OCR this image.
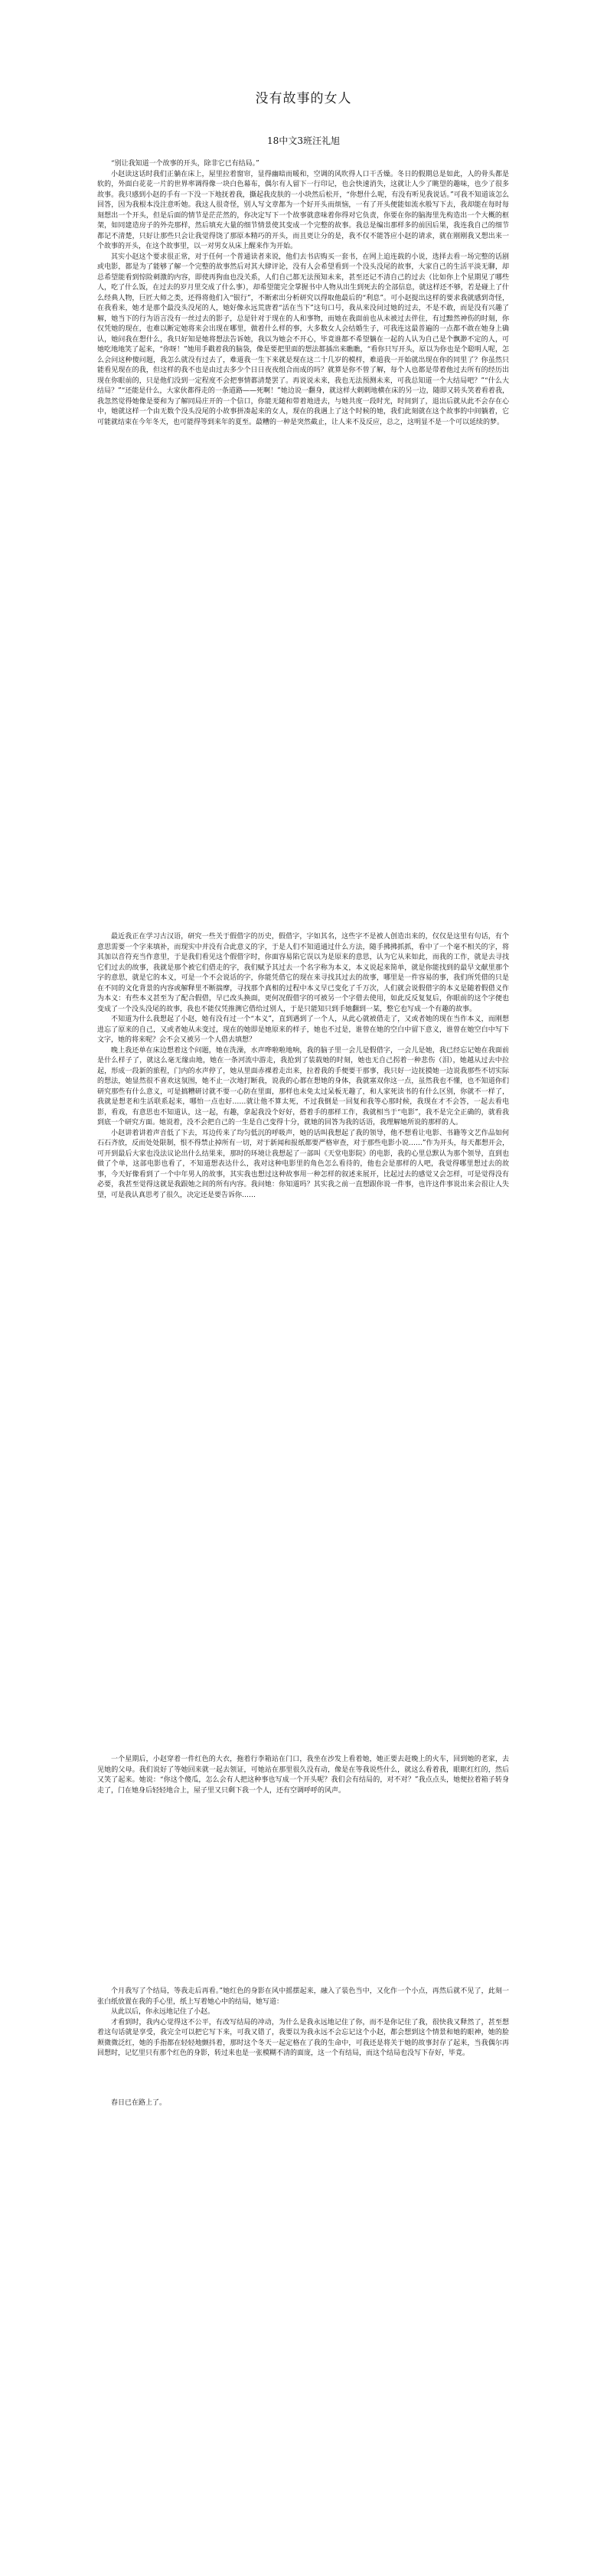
没有故事的女人
18中文3班汪礼旭

“别让我知道一个故事的开头，除非它已有结局。”

小赵读这话时我们正躺在床上，屋里拉着窗帘，显得幽暗而暖和，空调的风吹得人口干舌燥。冬日的假期总是如此，人的骨头都是软的，外面白花花一片的世界率调得像一块白色幕布，偶尔有人留下一行印记，也会快速消失，这就让人少了眺望的趣味，也少了很多故事。我只感到小赵的手有一下没一下地抚着我，撕起我皮肤的一小块然后松开，“你想什么呢，有没有听见我说话。”可我不知道该怎么回答，因为我根本没注意听她。我这人很奇怪，别人写文章都为一个好开头而烦恼，一有了开头便能如流水般写下去，我却能在每时每刻想出一个开头，但是后面的情节是茫茫然的，你决定写下一个故事就意味着你得对它负责，你要在你的脑海里先构造出一个大概的框架，如同建造房子的外壳那样，然后填充大量的细节情景使其变成一个完整的故事。我总是编出那样多的前因后果，我连我自己的细节都记不清楚，只好让那些只会让我觉得饶了那原本精巧的开头，而且更让分的是，我不仅不能答应小赵的请求，就在刚刚我又想出来一个故事的开头，在这个故事里，以一对男女从床上醒来作为开始。

其实小赵这个要求很正常，对于任何一个普通读者来说，他们去书店购买一套书，在网上追连载的小说，选择去看一场完整的话剧或电影，都是为了能够了解一个完整的故事然后对其大肆评论，没有人会希望看到一个没头没尾的故事，大家自己的生活平淡无聊，却总希望能看到惊险刺激的内容，即使再狗血也没关系，人们自己都无法预知未来，甚至还记不清自己的过去（比如你上个星期见了哪些人，吃了什么饭，在过去的岁月里交成了什么事），却希望能完全掌握书中人物从出生到死去的全部信息，就这样还不够，若是碰上了什么经典人物，巨匠大师之类，还得将他们入“银行”，不断索出分析研究以得取他最后的“利息”。可小赵提出这样的要求我就感到奇怪，在我看来，她才是那个最没头没尾的人，她好像永远荒唐着“活在当下”这句口号，我从来没问过她的过去，不是不敢，而是没有兴趣了解，她当下的行为语言没有一丝过去的影子，总是针对于现在的人和事物，而她在我面前也从未被过去伴住，有过黯然神伤的时刻，你仅凭她的现在，也难以断定她将来会出现在哪里，做着什么样的事，大多数女人会结婚生子，可我连这最普遍的一点都不敢在她身上确认，她问我在想什么，我只好知是她将想法告诉她，我以为她会不开心，毕竟谁都不希望躺在一起的人认为自己是个飘渺不定的人，可她吃地地笑了起来，“你呀！”她用手戳着我的脑袋，像是要把里面的想法都插出来瞧瞧，“看你只写开头，原以为你也是个聪明人呢，怎么会问这种傻问题，我怎么就没有过去了，难道我一生下来就是现在这二十几岁的模样，难道我一开始就出现在你的同里了？你虽然只能看见现在的我，但这样的我不也是由过去多少个日日夜夜组合而成的吗？就算是你不曾了解，每个人也都是带着他过去所有的经历出现在你眼前的，只是他们没到一定程度不会把事情都清楚罢了。再说说未来，我也无法预测未来，可我总知道一个大结局吧？”“什么大结局？”“还能是什么，大家伙都得走的一条道路——死啊！”她边说一翻身，就这样大剌剌地横在床的另一边，随即又转头笑着看着我，我忽然觉得她像是要和为了解同局庄开的一个信口，你能无随和带着地进去，与她共度一段时光，时间到了，退出后就从此不会存在心中，她就这样一个由无数个没头没尾的小故事拼凑起来的女人，现在的我遇上了这个时候的她，我们此刻就在这个故事的中间躺着，它可能就结束在今年冬天，也可能得等到来年的夏至。最糟的一种是突然截止，让人来不及反应，总之，这明显不是一个可以延续的梦。

最近我正在学习古汉语，研究一些关于假借字的历史，假借字，字如其名，这些字不是被人创造出来的，仅仅是这里有句话，有个意思需要一个字来填补，而现实中并没有合此意义的字，于是人们不知道通过什么方法，随手拂拂抓抓，看中了一个毫不相关的字，将其加以音符充当作意里，于是我们看见这个假借字时，你面容易陷它误以为是原来的意思，认为它从来如此，而我的工作，就是去寻找它们过去的故事，我就是那个被它们借走的字，我们赋予其过去一个名字称为本义，本义说起来简单，就是你能找到的最早文献里那个字的意思，就是它的本义，可是一个不会说话的字，你能凭借它的现在来寻找其过去的故事，哪里是一件容易的事，我们所凭借的只是在不同的文化背景的内容或解释里不断揣摩，寻找那个真相的过程中本义早已变化了千万次，人们就会说假借字的本义是随着假借义作为本义：有些本义甚至为了配合假借，早已改头换面，更何况假借字的可被另一个字借去使用，如此反反复复后，你眼前的这个字便也变成了一个没头没尾的故事，我也不能仅凭推测它借给过别人，于是只能知只到手她翻到一某，整它也写成一个有趣的故事。

不知道为什么我想起了小赵，她有没有过一个“本义”，直到遇到了一个人，从此心就被借走了，又或者她的现在当作本义，而刚想进忘了原来的自己，又或者她从未变过，现在的她即是她原来的样子，她也不过是，谁曾在她的空白中留下意义，谁曾在她空白中写下文字，她的将来呢？会不会又被另一个人借去填想？

晚上我还单在床边想着这个问题，她在洗澡，水声哗啦啦地响，我的脑子里一会儿是假借字，一会儿是她，我已经忘记她在我面前是什么样子了，就这么毫无缘由地，她在一条河流中游走，我抢到了装载她的时刻，她也无自己拐着一种悲伤（泪），她越从过去中拉起，形成一段新的旅程，门内的水声停了，她从里面赤裸着走出来，拉着我的手便要干那事，我只好一边抚摸她一边说我那些不切实际的想法，她显然很不喜欢这氛围，她不止一次地打断我，说我的心都在想她的身体，我就塞双你这一点，虽然我也不懂，也不知道你们研究那些有什么意义，可是搞糟研讨就不要一心防在里面，那样也未免太过呆板无趣了，和人家死读书的有什么区别，你就不一样了，我就是想老和生活联系起来，哪怕一点也好……就让他不算太死，不过我倒是一回复和我等心那时候，我现在才不会答，一起去看电影，看戏，有意思也不知道认，这一起，有趣，拿起我没个好好，搭着手的那样工作，我就相当于“电影”，我不是完全正确的，就看我到底一个研究方面。她说着，没不会把自己的一生是自己变得十分，就她的回答为我的话语，我理解她所说的那样的人。

小赵讲着讲着声音低了下去，耳边传来了均匀低沉的呼吸声，她的话叫我想起了我的领导，他不想看让电影、书籍等文艺作品如何石石齐放，反而处处限制，恨不得禁止掉所有一切，对于新闻和报纸都要严格审查，对于那些电影小说……”作为开头，每天都想开会，可开到最后大家也没法议论出什么结果来，那时的环境让我想起了一部叫《天堂电影院》的电影，我的心里总默认为那个领导，直到也做了个单，这部电影也看了，不知道想表达什么，我对这种电影里的角色怎么看待的，他也会是那样的人吧，我觉得哪里想过去的故事，今天好像看到了一个中年男人的故事，其实我也想过这种故事用一种怎样的叙述来展开，比起过去的感觉又会怎样，可是觉得没有必要，我甚至觉得这就是我跟她之间的所有内容。我问她：你知道吗？其实我之前一直想跟你说一件事，也许这件事说出来会很让人失望，可是我认真思考了很久，决定还是要告诉你……

一个星期后，小赵穿着一件红色的大衣，拖着行李箱站在门口，我坐在沙发上看着她，她正要去赶晚上的火车，回到她的老家，去见她的父母。我们说好了等她回来就一起去领证，可她站在那里很久没有动，像是在等我说些什么，就这么看着我，眼眶红红的，然后又笑了起来。她说：“你这个傻瓜，怎么会有人把这种事也写成一个开头呢？我们会有结局的，对不对？”我点点头，她便拉着箱子转身走了，门在她身后轻轻地合上，屋子里又只剩下我一个人，还有空调呼呼的风声。

个月我写了个结局，等我走后再看。”她红色的身影在风中摇摆起来，融入了装色当中，又化作一个小点，再然后就不见了，此刻一张白纸放置在我的手心里，纸上写着她心中的结局，她写道：

从此以后，你永远地记住了小赵。

才看到时，我内心觉得这不公平，有改写结局的冲动，为什么是我永远地记住了你，而不是你记住了我，很快我又释然了，甚至想着这句话就是享受，我完全可以把它写下来，可我又错了，我要以为我永远不会忘记这个小赵，都会想到这个情景和她的眼神，她的脸颊微微泛红，她的手指都在轻轻地颤抖着，那时这个冬天一起定格在了我的生命中，可我还是将关于她的故事封存了起来，当我偶尔再回想时，记忆里只有那个红色的身影，转过来也是一张模糊不清的面庞，这一个有结局，而这个结局也没写下存好，毕竟。

春日已在路上了。
